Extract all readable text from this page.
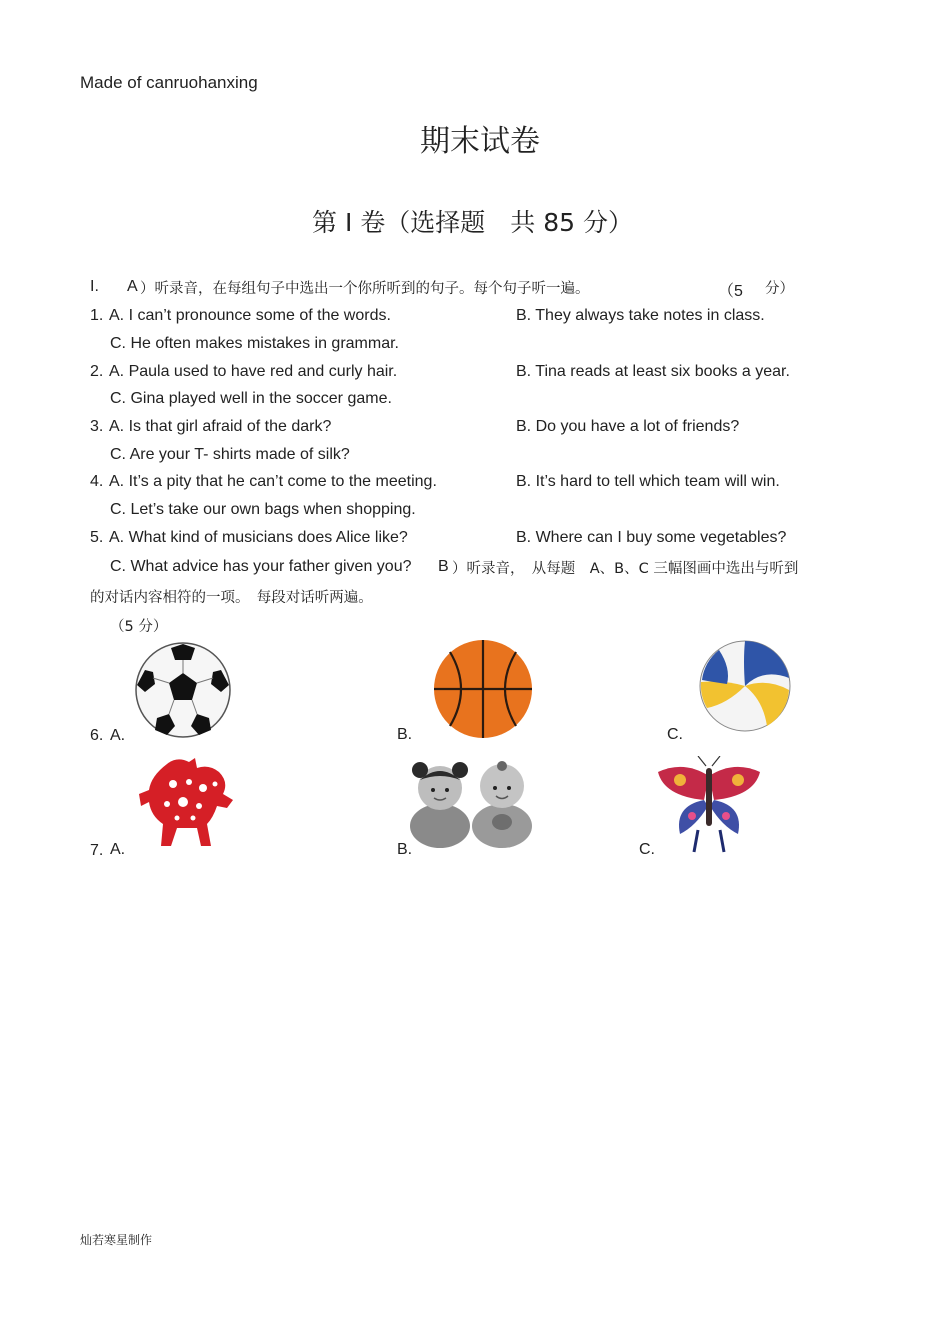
Made of canruohanxing
期末试卷
第 I 卷（选择题　共 85 分）
I. A ）听录音，在每组句子中选出一个你所听到的句子。每个句子听一遍。	（5 分）
1. A. I can’t pronounce some of the words.	B. They always take notes in class.
C. He often makes mistakes in grammar.
2. A. Paula used to have red and curly hair.	B. Tina reads at least six books a year.
C. Gina played well in the soccer game.
3. A. Is that girl afraid of the dark?	B. Do you have a lot of friends?
C. Are your T- shirts made of silk?
4. A. It’s a pity that he can’t come to the meeting.	B. It’s hard to tell which team will win.
C. Let’s take our own bags when shopping.
5. A. What kind of musicians does Alice like?	B. Where can I buy some vegetables?
C. What advice has your father given you? B ）听录音，　从每题　A、B、C 三幅图画中选出与听到
的对话内容相符的一项。　每段对话听两遍。
（5 分）
6. A.	B.	C.
7. A.	B.	C.
灿若寒星制作
